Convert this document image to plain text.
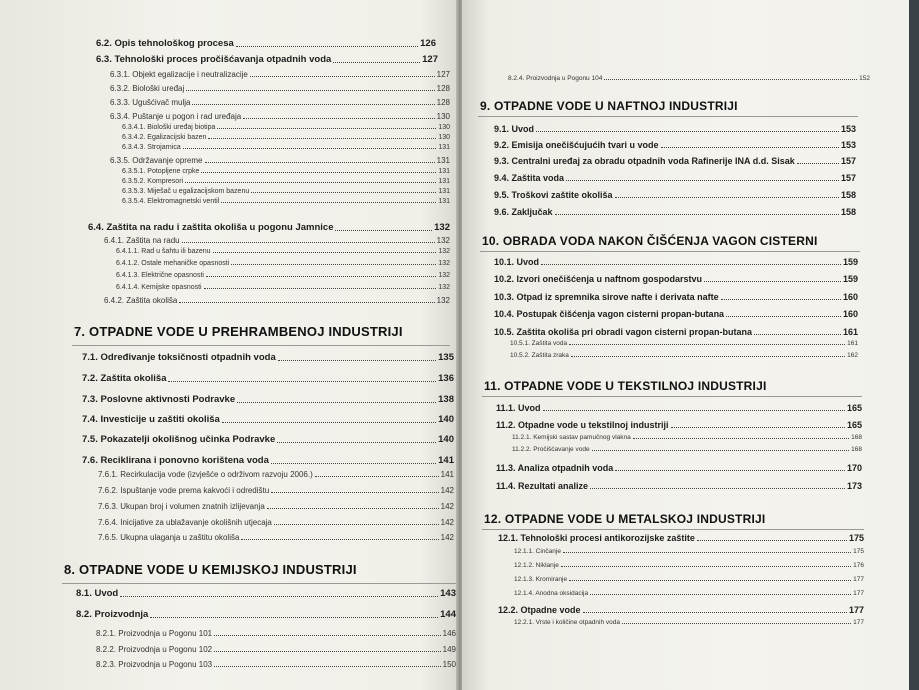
6.2. Opis tehnološkog procesa	126
6.3. Tehnološki proces pročišćavanja otpadnih voda	127
6.3.1. Objekt egalizacije i neutralizacije	127
6.3.2. Biološki uređaj	128
6.3.3. Ugušćivač mulja	128
6.3.4. Puštanje u pogon i rad uređaja	130
6.3.4.1. Biološki uređaj biotipa	130
6.3.4.2. Egalizacijski bazen	130
6.3.4.3. Strojarnica	131
6.3.5. Održavanje opreme	131
6.3.5.1. Potopljene crpke	131
6.3.5.2. Kompresori	131
6.3.5.3. Miješač u egalizacijskom bazenu	131
6.3.5.4. Elektromagnetski ventil	131
6.4. Zaštita na radu i zaštita okoliša u pogonu Jamnice	132
6.4.1. Zaštita na radu	132
6.4.1.1. Rad u šahtu ili bazenu	132
6.4.1.2. Ostale mehaničke opasnosti	132
6.4.1.3. Električne opasnosti	132
6.4.1.4. Kemijske opasnosti	132
6.4.2. Zaštita okoliša	132
7. OTPADNE VODE U PREHRAMBENOJ INDUSTRIJI
7.1. Određivanje toksičnosti otpadnih voda	135
7.2. Zaštita okoliša	136
7.3. Poslovne aktivnosti Podravke	138
7.4. Investicije u zaštiti okoliša	140
7.5. Pokazatelji okolišnog učinka Podravke	140
7.6. Reciklirana i ponovno korištena voda	141
7.6.1. Recirkulacija vode (izvješće o održivom razvoju 2006.)	141
7.6.2. Ispuštanje vode prema kakvoći i odredištu	142
7.6.3. Ukupan broj i volumen znatnih izlijevanja	142
7.6.4. Inicijative za ublažavanje okolišnih utjecaja	142
7.6.5. Ukupna ulaganja u zaštitu okoliša	142
8. OTPADNE VODE U KEMIJSKOJ INDUSTRIJI
8.1. Uvod	143
8.2. Proizvodnja	144
8.2.1. Proizvodnja u Pogonu 101	146
8.2.2. Proizvodnja u Pogonu 102	149
8.2.3. Proizvodnja u Pogonu 103	150
8.2.4. Proizvodnja u Pogonu 104	152
9. OTPADNE VODE U NAFTNOJ INDUSTRIJI
9.1. Uvod	153
9.2. Emisija onečišćujućih tvari u vode	153
9.3. Centralni uređaj za obradu otpadnih voda Rafinerije INA d.d. Sisak	157
9.4. Zaštita voda	157
9.5. Troškovi zaštite okoliša	158
9.6. Zaključak	158
10. OBRADA VODA NAKON ČIŠĆENJA VAGON CISTERNI
10.1. Uvod	159
10.2. Izvori onečišćenja u naftnom gospodarstvu	159
10.3. Otpad iz spremnika sirove nafte i derivata nafte	160
10.4. Postupak čišćenja vagon cisterni propan-butana	160
10.5. Zaštita okoliša pri obradi vagon cisterni propan-butana	161
10.5.1. Zaštita voda	161
10.5.2. Zaštita zraka	162
11. OTPADNE VODE U TEKSTILNOJ INDUSTRIJI
11.1. Uvod	165
11.2. Otpadne vode u tekstilnoj industriji	165
11.2.1. Kemijski sastav pamučnog vlakna	168
11.2.2. Pročišćavanje vode	168
11.3. Analiza otpadnih voda	170
11.4. Rezultati analize	173
12. OTPADNE VODE U METALSKOJ INDUSTRIJI
12.1. Tehnološki procesi antikorozijske zaštite	175
12.1.1. Cinčanje	175
12.1.2. Niklanje	176
12.1.3. Kromiranje	177
12.1.4. Anodna oksidacija	177
12.2. Otpadne vode	177
12.2.1. Vrste i količine otpadnih voda	177
